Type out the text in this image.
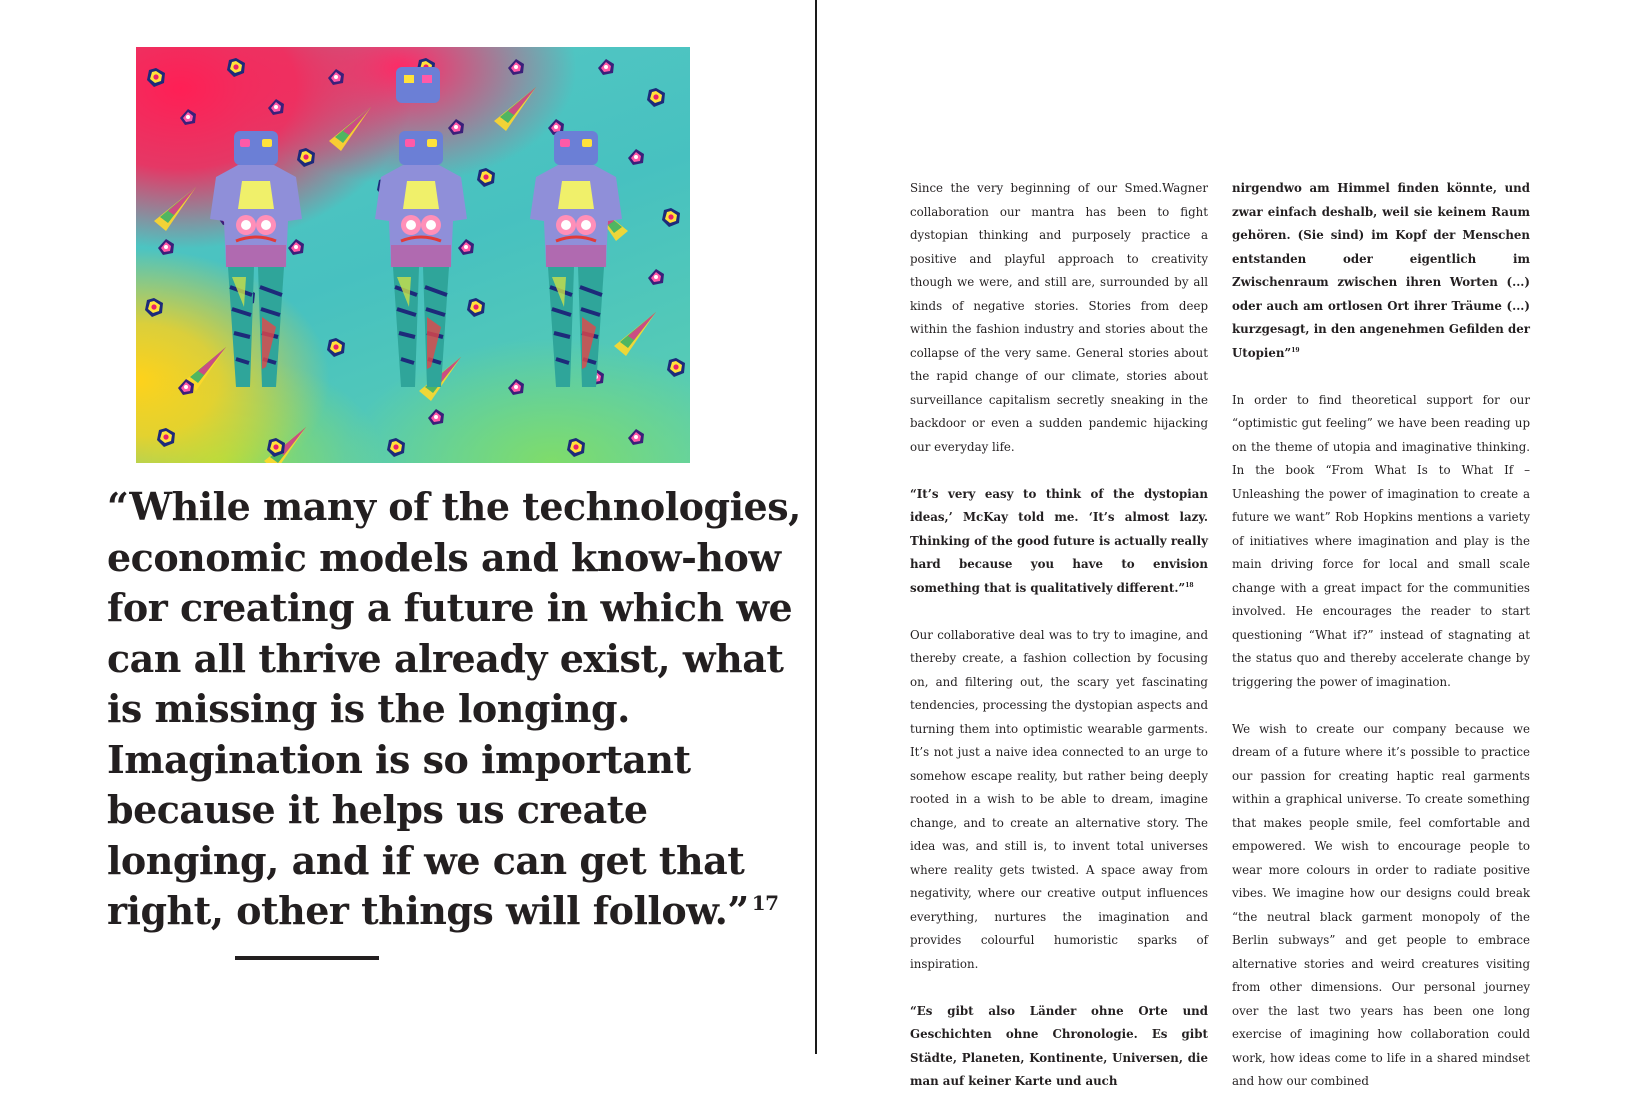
“While many of the technologies, economic models and know-how for creating a future in which we can all thrive already exist, what is missing is the longing. Imagination is so important because it helps us create longing, and if we can get that right, other things will follow.” $^{17}$

Since the very beginning of our Smed.Wagner collaboration our mantra has been to fight dystopian thinking and purposely practice a positive and playful approach to creativity though we were, and still are, surrounded by all kinds of negative stories. Stories from deep within the fashion industry and stories about the collapse of the very same. General stories about the rapid change of our climate, stories about surveillance capitalism secretly sneaking in the backdoor or even a sudden pandemic hijacking our everyday life.

“It’s very easy to think of the dystopian ideas,’ McKay told me. ‘It’s almost lazy. Thinking of the good future is actually really hard because you have to envision something that is qualitatively different.”$^{18}$

Our collaborative deal was to try to imagine, and thereby create, a fashion collection by focusing on, and filtering out, the scary yet fascinating tendencies, processing the dystopian aspects and turning them into optimistic wearable garments. It’s not just a naive idea connected to an urge to somehow escape reality, but rather being deeply rooted in a wish to be able to dream, imagine change, and to create an alternative story. The idea was, and still is, to invent total universes where reality gets twisted. A space away from negativity, where our creative output influences everything, nurtures the imagination and provides colourful humoristic sparks of inspiration.

“Es gibt also Länder ohne Orte und Geschichten ohne Chronologie. Es gibt Städte, Planeten, Kontinente, Universen, die man auf keiner Karte und auch

nirgendwo am Himmel finden könnte, und zwar einfach deshalb, weil sie keinem Raum gehören. (Sie sind) im Kopf der Menschen entstanden oder eigentlich im Zwischenraum zwischen ihren Worten (...) oder auch am ortlosen Ort ihrer Träume (...) kurzgesagt, in den angenehmen Gefilden der Utopien”$^{19}$

In order to find theoretical support for our “optimistic gut feeling” we have been reading up on the theme of utopia and imaginative thinking. In the book “From What Is to What If – Unleashing the power of imagination to create a future we want” Rob Hopkins mentions a variety of initiatives where imagination and play is the main driving force for local and small scale change with a great impact for the communities involved. He encourages the reader to start questioning “What if?” instead of stagnating at the status quo and thereby accelerate change by triggering the power of imagination.

We wish to create our company because we dream of a future where it’s possible to practice our passion for creating haptic real garments within a graphical universe. To create something that makes people smile, feel comfortable and empowered. We wish to encourage people to wear more colours in order to radiate positive vibes. We imagine how our designs could break “the neutral black garment monopoly of the Berlin subways” and get people to embrace alternative stories and weird creatures visiting from other dimensions. Our personal journey over the last two years has been one long exercise of imagining how collaboration could work, how ideas come to life in a shared mindset and how our combined
